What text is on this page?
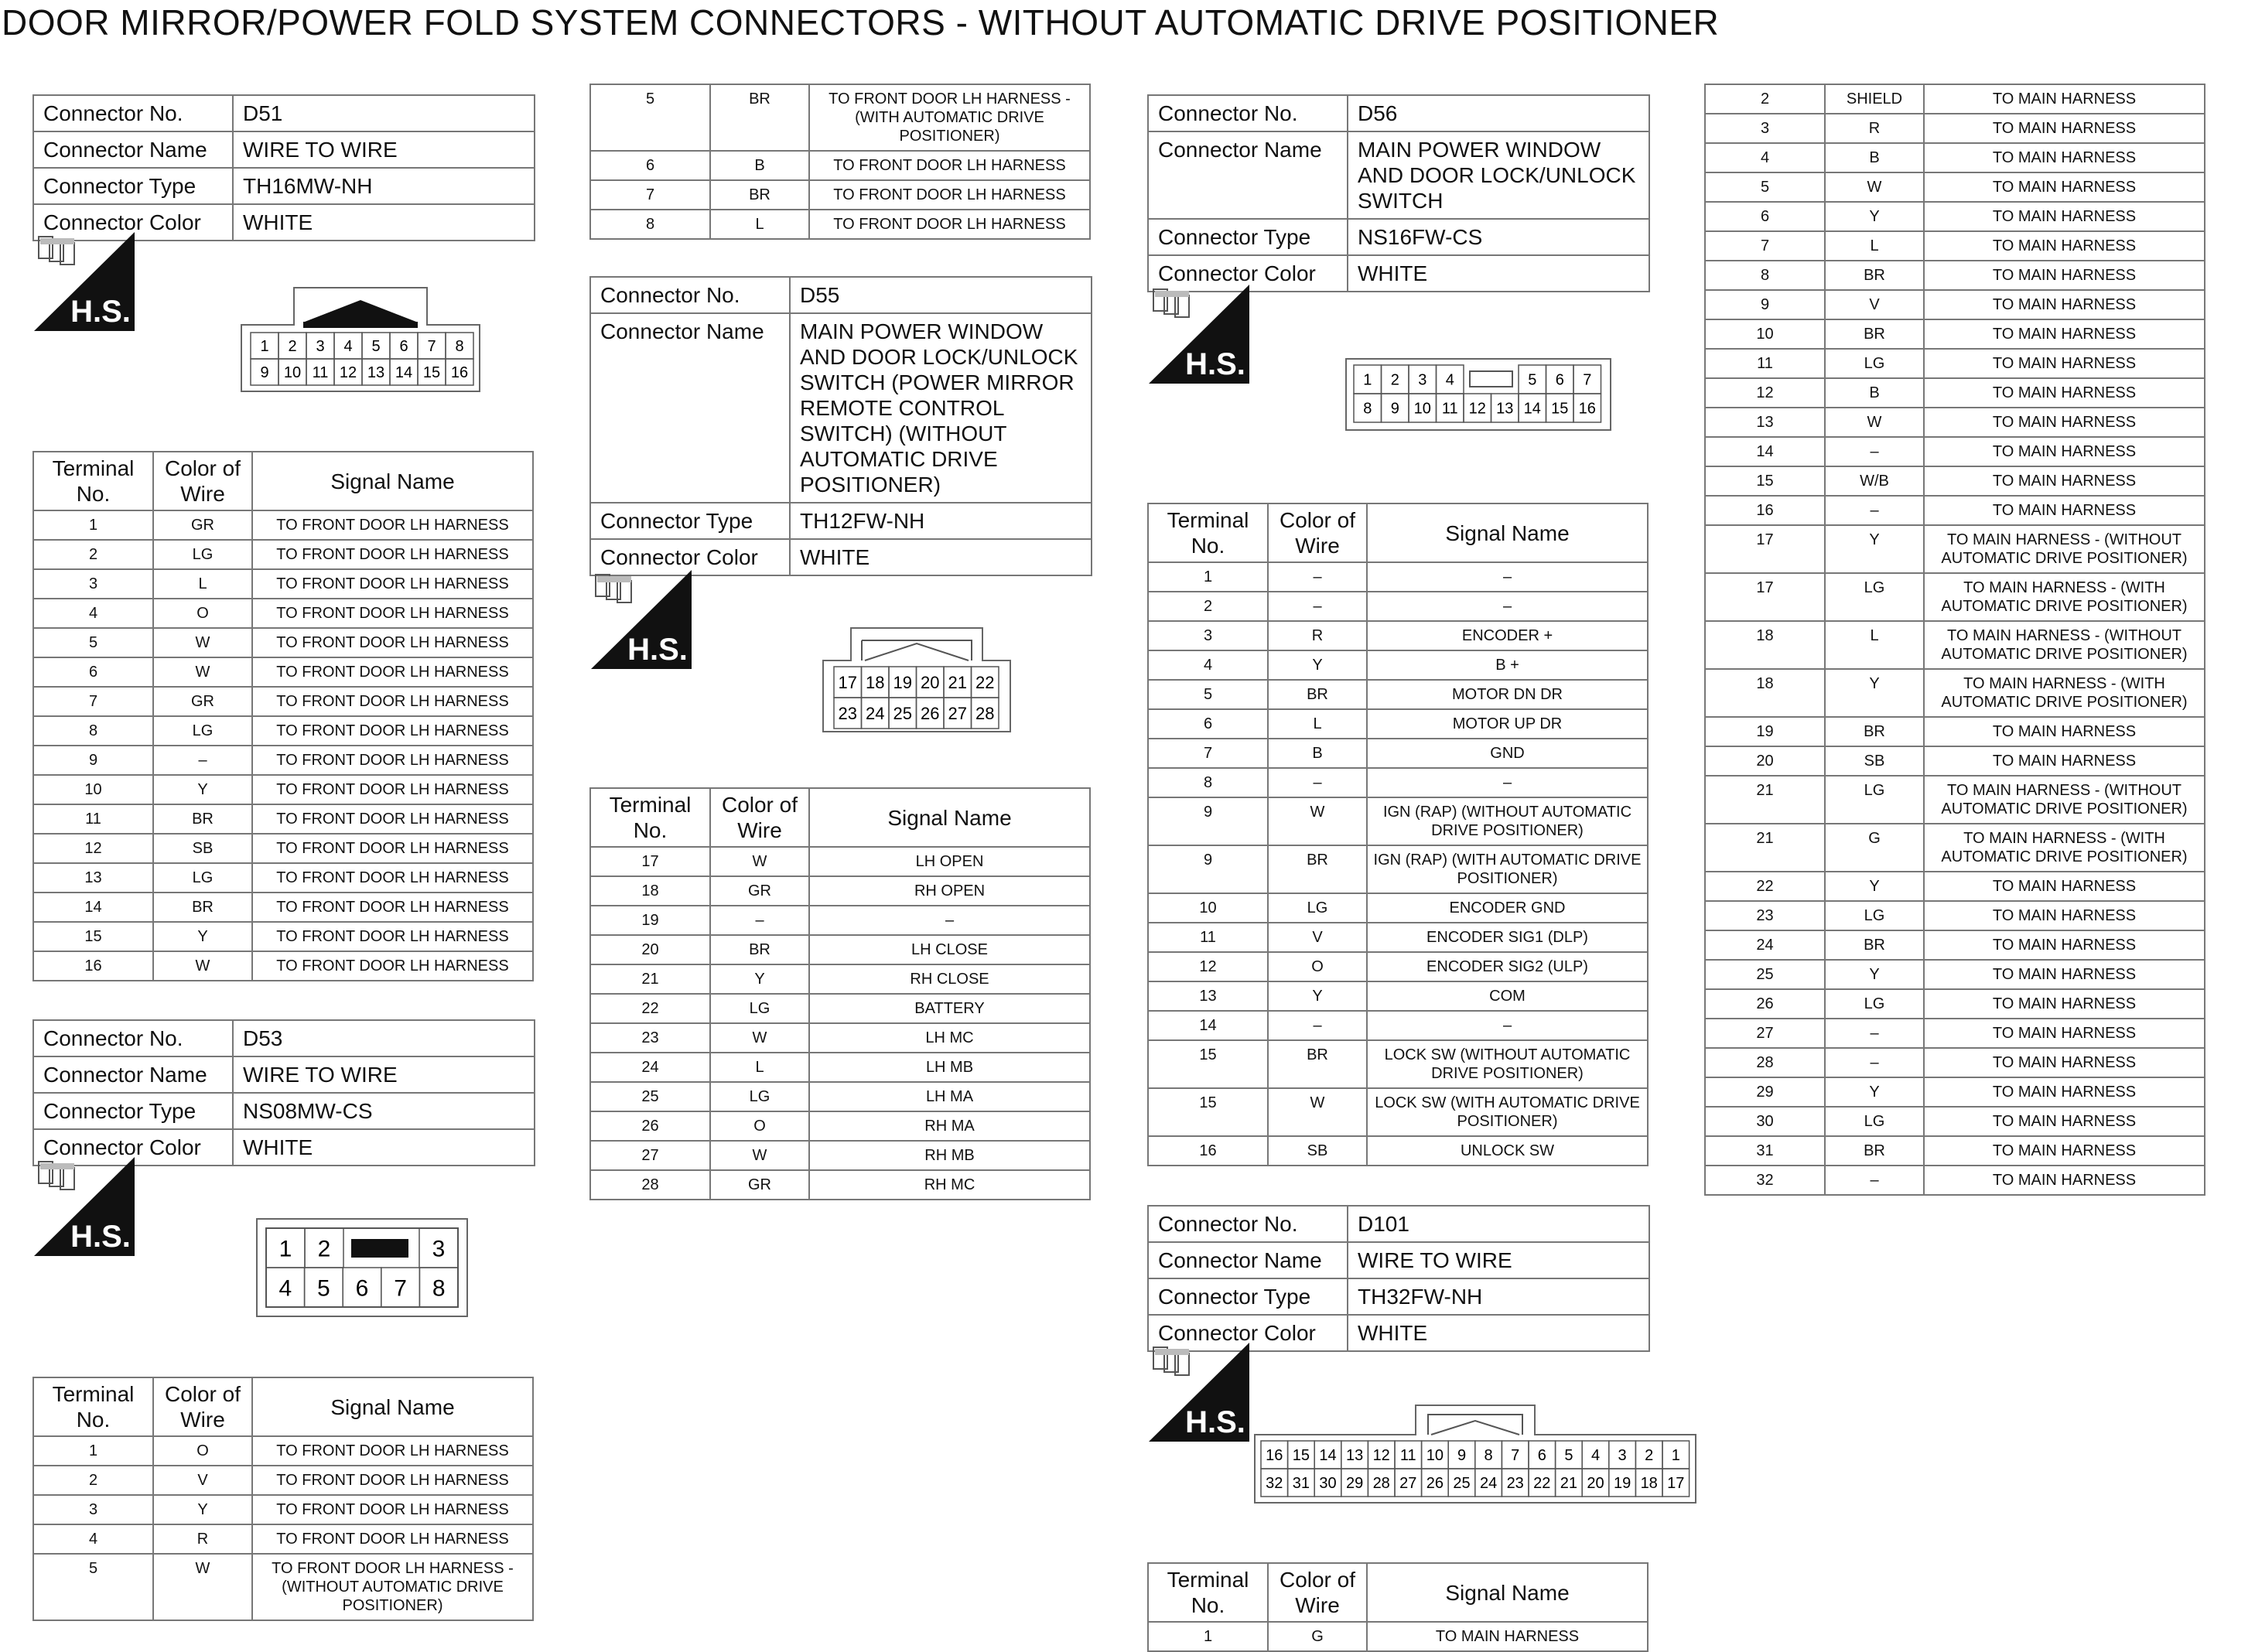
DOOR MIRROR/POWER FOLD SYSTEM CONNECTORS - WITHOUT AUTOMATIC DRIVE POSITIONER
Connector No.	D51
Connector Name	WIRE TO WIRE
Connector Type	TH16MW-NH
Connector Color	WHITE
H.S.
1 2 3 4 5 6 7 8
9 10 11 12 13 14 15 16
Terminal No.	Color of Wire	Signal Name
1	GR	TO FRONT DOOR LH HARNESS
2	LG	TO FRONT DOOR LH HARNESS
3	L	TO FRONT DOOR LH HARNESS
4	O	TO FRONT DOOR LH HARNESS
5	W	TO FRONT DOOR LH HARNESS
6	W	TO FRONT DOOR LH HARNESS
7	GR	TO FRONT DOOR LH HARNESS
8	LG	TO FRONT DOOR LH HARNESS
9	–	TO FRONT DOOR LH HARNESS
10	Y	TO FRONT DOOR LH HARNESS
11	BR	TO FRONT DOOR LH HARNESS
12	SB	TO FRONT DOOR LH HARNESS
13	LG	TO FRONT DOOR LH HARNESS
14	BR	TO FRONT DOOR LH HARNESS
15	Y	TO FRONT DOOR LH HARNESS
16	W	TO FRONT DOOR LH HARNESS
Connector No.	D53
Connector Name	WIRE TO WIRE
Connector Type	NS08MW-CS
Connector Color	WHITE
H.S.	1 2	3
4 5 6 7 8
Terminal No.	Color of Wire	Signal Name
1	O	TO FRONT DOOR LH HARNESS
2	V	TO FRONT DOOR LH HARNESS
3	Y	TO FRONT DOOR LH HARNESS
4	R	TO FRONT DOOR LH HARNESS
5	W	TO FRONT DOOR LH HARNESS - (WITHOUT AUTOMATIC DRIVE POSITIONER)
5	BR	TO FRONT DOOR LH HARNESS - (WITH AUTOMATIC DRIVE POSITIONER)
6	B	TO FRONT DOOR LH HARNESS
7	BR	TO FRONT DOOR LH HARNESS
8	L	TO FRONT DOOR LH HARNESS
Connector No.	D55
Connector Name	MAIN POWER WINDOW AND DOOR LOCK/UNLOCK SWITCH (POWER MIRROR REMOTE CONTROL SWITCH) (WITHOUT AUTOMATIC DRIVE POSITIONER)
Connector Type	TH12FW-NH
Connector Color	WHITE
H.S.
17 18 19 20 21 22
23 24 25 26 27 28
Terminal No.	Color of Wire	Signal Name
17	W	LH OPEN
18	GR	RH OPEN
19	–	–
20	BR	LH CLOSE
21	Y	RH CLOSE
22	LG	BATTERY
23	W	LH MC
24	L	LH MB
25	LG	LH MA
26	O	RH MA
27	W	RH MB
28	GR	RH MC
Connector No.	D56
Connector Name	MAIN POWER WINDOW AND DOOR LOCK/UNLOCK SWITCH
Connector Type	NS16FW-CS
Connector Color	WHITE
H.S.	1 2 3 4	5 6 7
8 9 10 11 12 13 14 15 16
Terminal No.	Color of Wire	Signal Name
1	–	–
2	–	–
3	R	ENCODER +
4	Y	B +
5	BR	MOTOR DN DR
6	L	MOTOR UP DR
7	B	GND
8	–	–
9	W	IGN (RAP) (WITHOUT AUTOMATIC DRIVE POSITIONER)
9	BR	IGN (RAP) (WITH AUTOMATIC DRIVE POSITIONER)
10	LG	ENCODER GND
11	V	ENCODER SIG1 (DLP)
12	O	ENCODER SIG2 (ULP)
13	Y	COM
14	–	–
15	BR	LOCK SW (WITHOUT AUTOMATIC DRIVE POSITIONER)
15	W	LOCK SW (WITH AUTOMATIC DRIVE POSITIONER)
16	SB	UNLOCK SW
Connector No.	D101
Connector Name	WIRE TO WIRE
Connector Type	TH32FW-NH
Connector Color	WHITE
H.S.
16 15 14 13 12 11 10 9 8 7 6 5 4 3 2 1
32 31 30 29 28 27 26 25 24 23 22 21 20 19 18 17
Terminal No.	Color of Wire	Signal Name
1	G	TO MAIN HARNESS
2	SHIELD	TO MAIN HARNESS
3	R	TO MAIN HARNESS
4	B	TO MAIN HARNESS
5	W	TO MAIN HARNESS
6	Y	TO MAIN HARNESS
7	L	TO MAIN HARNESS
8	BR	TO MAIN HARNESS
9	V	TO MAIN HARNESS
10	BR	TO MAIN HARNESS
11	LG	TO MAIN HARNESS
12	B	TO MAIN HARNESS
13	W	TO MAIN HARNESS
14	–	TO MAIN HARNESS
15	W/B	TO MAIN HARNESS
16	–	TO MAIN HARNESS
17	Y	TO MAIN HARNESS - (WITHOUT AUTOMATIC DRIVE POSITIONER)
17	LG	TO MAIN HARNESS - (WITH AUTOMATIC DRIVE POSITIONER)
18	L	TO MAIN HARNESS - (WITHOUT AUTOMATIC DRIVE POSITIONER)
18	Y	TO MAIN HARNESS - (WITH AUTOMATIC DRIVE POSITIONER)
19	BR	TO MAIN HARNESS
20	SB	TO MAIN HARNESS
21	LG	TO MAIN HARNESS - (WITHOUT AUTOMATIC DRIVE POSITIONER)
21	G	TO MAIN HARNESS - (WITH AUTOMATIC DRIVE POSITIONER)
22	Y	TO MAIN HARNESS
23	LG	TO MAIN HARNESS
24	BR	TO MAIN HARNESS
25	Y	TO MAIN HARNESS
26	LG	TO MAIN HARNESS
27	–	TO MAIN HARNESS
28	–	TO MAIN HARNESS
29	Y	TO MAIN HARNESS
30	LG	TO MAIN HARNESS
31	BR	TO MAIN HARNESS
32	–	TO MAIN HARNESS
